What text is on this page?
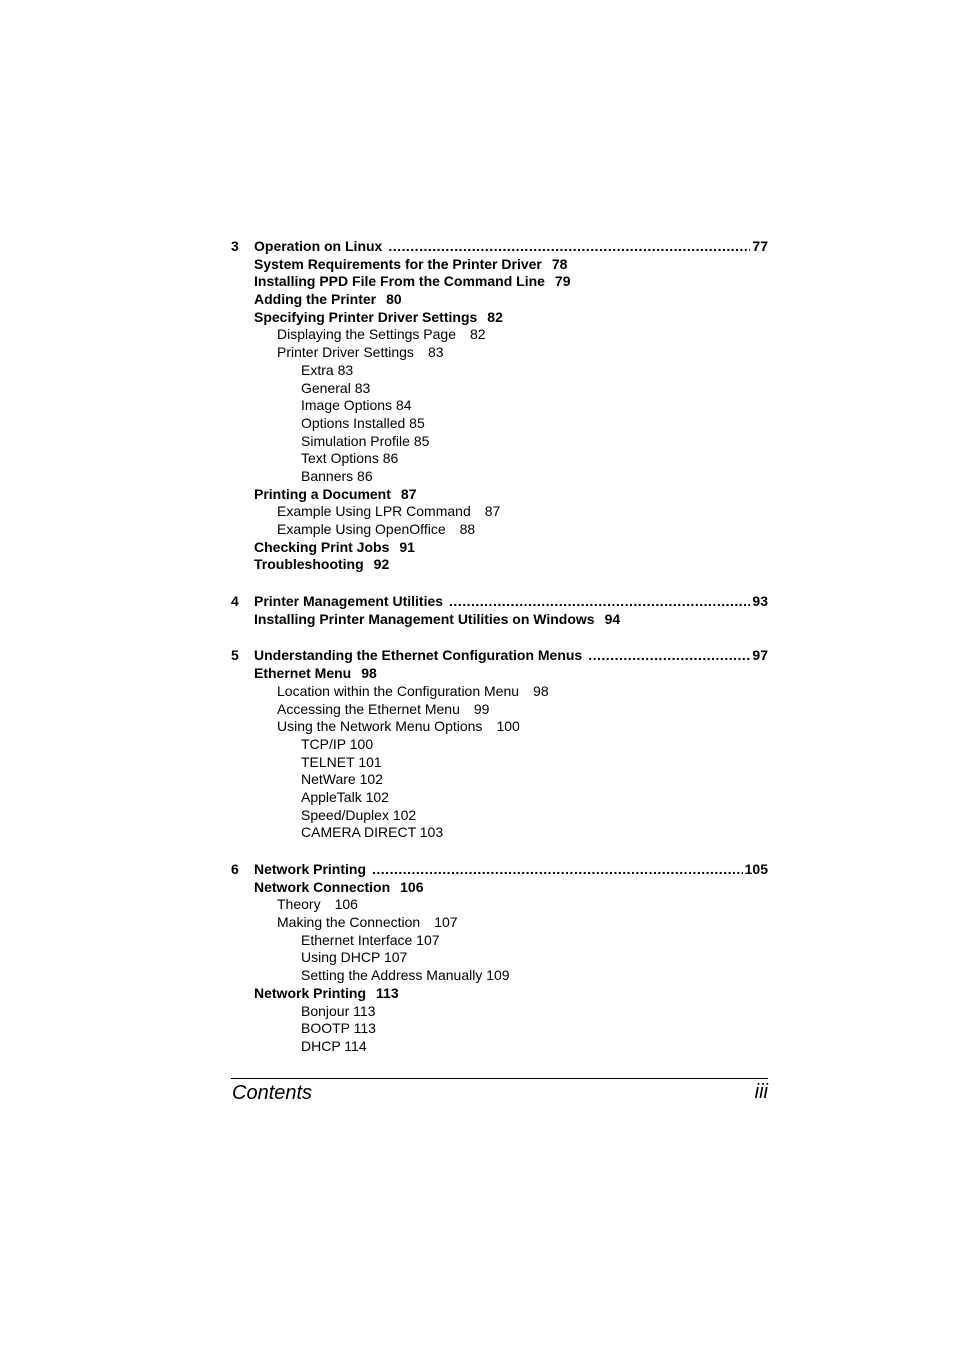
3	Operation on Linux .....	77
System Requirements for the Printer Driver 78
Installing PPD File From the Command Line 79
Adding the Printer 80
Specifying Printer Driver Settings 82
Displaying the Settings Page 82
Printer Driver Settings 83
Extra 83
General 83
Image Options 84
Options Installed 85
Simulation Profile 85
Text Options 86
Banners 86
Printing a Document 87
Example Using LPR Command 87
Example Using OpenOffice 88
Checking Print Jobs 91
Troubleshooting 92
4	Printer Management Utilities .....	93
Installing Printer Management Utilities on Windows 94
5	Understanding the Ethernet Configuration Menus .....	97
Ethernet Menu 98
Location within the Configuration Menu 98
Accessing the Ethernet Menu 99
Using the Network Menu Options 100
TCP/IP 100
TELNET 101
NetWare 102
AppleTalk 102
Speed/Duplex 102
CAMERA DIRECT 103
6	Network Printing .....	105
Network Connection 106
Theory 106
Making the Connection 107
Ethernet Interface 107
Using DHCP 107
Setting the Address Manually 109
Network Printing 113
Bonjour 113
BOOTP 113
DHCP 114
Contents	iii
